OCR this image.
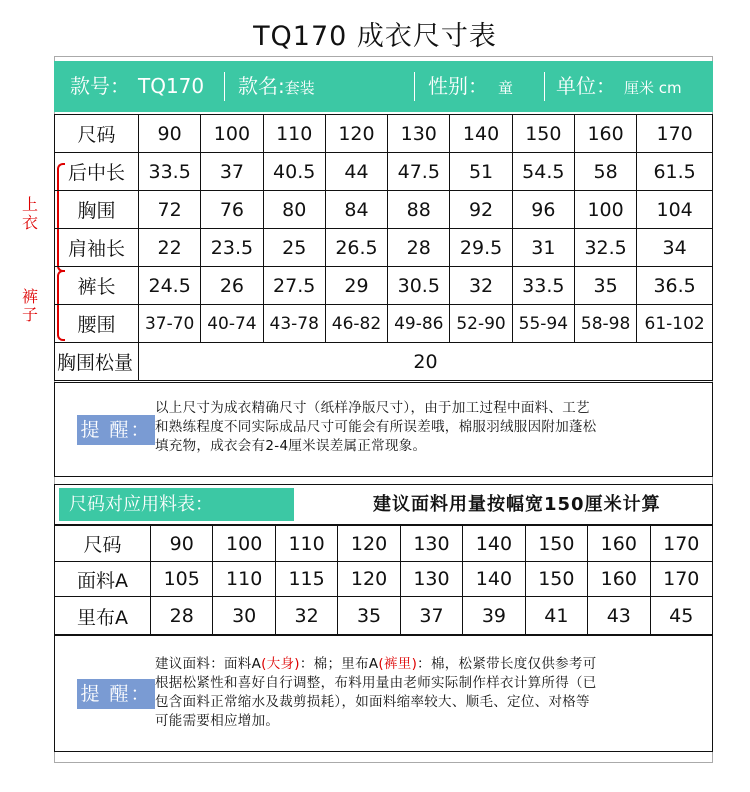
TQ170 成衣尺寸表
款号： TQ170 款名:套装	性别： 童 单位： 厘米 cm
上
衣
裤
子
尺码	90	100	110	120	130	140	150	160	170
后中长	33.5	37	40.5	44	47.5	51	54.5	58	61.5
胸围	72	76	80	84	88	92	96	100	104
肩袖长	22	23.5	25	26.5	28	29.5	31	32.5	34
裤长	24.5	26	27.5	29	30.5	32	33.5	35	36.5
腰围	37-70	40-74	43-78	46-82	49-86	52-90	55-94	58-98	61-102
胸围松量	20								
提 醒：
以上尺寸为成衣精确尺寸（纸样净版尺寸），由于加工过程中面料、工艺
和熟练程度不同实际成品尺寸可能会有所误差哦，棉服羽绒服因附加蓬松
填充物，成衣会有2-4厘米误差属正常现象。
尺码对应用料表：	建议面料用量按幅宽150厘米计算
尺码	90	100	110	120	130	140	150	160	170
面料A	105	110	115	120	130	140	150	160	170
里布A	28	30	32	35	37	39	41	43	45
提 醒：
建议面料：面料A(大身)：棉；里布A(裤里)：棉，松紧带长度仅供参考可
根据松紧性和喜好自行调整，布料用量由老师实际制作样衣计算所得（已
包含面料正常缩水及裁剪损耗），如面料缩率较大、顺毛、定位、对格等
可能需要相应增加。
